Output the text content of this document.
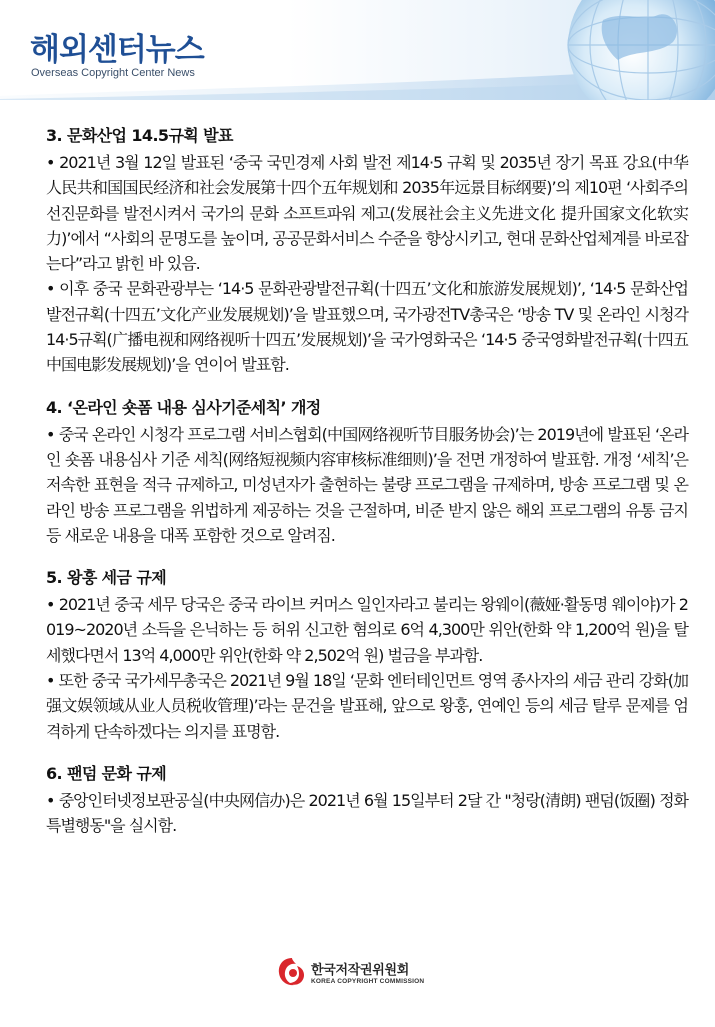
해외센터뉴스
Overseas Copyright Center News
3. 문화산업 14.5규획 발표

• 2021년 3월 12일 발표된 ‘중국 국민경제 사회 발전 제14·5 규획 및 2035년 장기 목표 강요(中华人民共和国国民经济和社会发展第十四个五年规划和 2035年远景目标纲要)’의 제10편 ‘사회주의 선진문화를 발전시켜서 국가의 문화 소프트파워 제고(发展社会主义先进文化 提升国家文化软实力)’에서 “사회의 문명도를 높이며, 공공문화서비스 수준을 향상시키고, 현대 문화산업체계를 바로잡는다”라고 밝힌 바 있음.

• 이후 중국 문화관광부는 ‘14·5 문화관광발전규획(十四五’文化和旅游发展规划)’, ‘14·5 문화산업발전규획(十四五’文化产业发展规划)’을 발표했으며, 국가광전TV총국은 ‘방송 TV 및 온라인 시청각 14·5규획(广播电视和网络视听十四五’发展规划)’을 국가영화국은 ‘14·5 중국영화발전규획(十四五中国电影发展规划)’을 연이어 발표함.

4. ‘온라인 숏폼 내용 심사기준세칙’ 개정

• 중국 온라인 시청각 프로그램 서비스협회(中国网络视听节目服务协会)’는 2019년에 발표된 ‘온라인 숏폼 내용심사 기준 세칙(网络短视频内容审核标准细则)’을 전면 개정하여 발표함. 개정 ‘세칙’은 저속한 표현을 적극 규제하고, 미성년자가 출현하는 불량 프로그램을 규제하며, 방송 프로그램 및 온라인 방송 프로그램을 위법하게 제공하는 것을 근절하며, 비준 받지 않은 해외 프로그램의 유통 금지 등 새로운 내용을 대폭 포함한 것으로 알려짐.

5. 왕훙 세금 규제

• 2021년 중국 세무 당국은 중국 라이브 커머스 일인자라고 불리는 왕웨이(薇娅·활동명 웨이야)가 2019~2020년 소득을 은닉하는 등 허위 신고한 혐의로 6억 4,300만 위안(한화 약 1,200억 원)을 탈세했다면서 13억 4,000만 위안(한화 약 2,502억 원) 벌금을 부과함.

• 또한 중국 국가세무총국은 2021년 9월 18일 ‘문화 엔터테인먼트 영역 종사자의 세금 관리 강화(加强文娱领域从业人员税收管理)’라는 문건을 발표해, 앞으로 왕훙, 연예인 등의 세금 탈루 문제를 엄격하게 단속하겠다는 의지를 표명함.

6. 팬덤 문화 규제

• 중앙인터넷정보판공실(中央网信办)은 2021년 6월 15일부터 2달 간 "청랑(清朗) 팬덤(饭圈) 정화 특별행동"을 실시함.

한국저작권위원회
KOREA COPYRIGHT COMMISSION
